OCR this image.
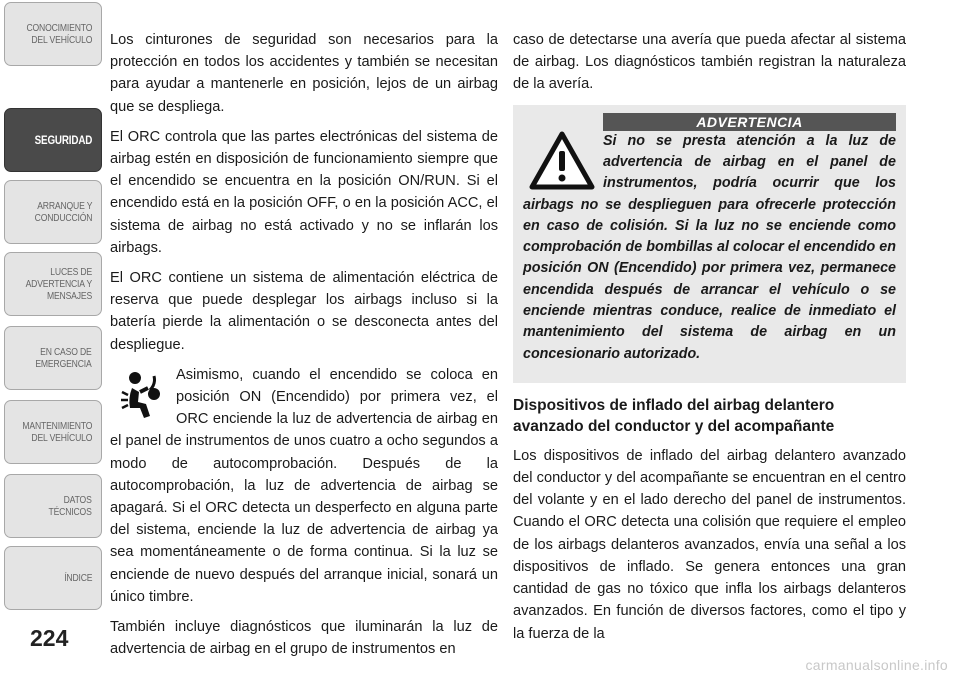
CONOCIMIENTO
DEL VEHÍCULO
SEGURIDAD
ARRANQUE Y
CONDUCCIÓN
LUCES DE
ADVERTENCIA Y
MENSAJES
EN CASO DE
EMERGENCIA
MANTENIMIENTO
DEL VEHÍCULO
DATOS
TÉCNICOS
ÍNDICE
224

Los cinturones de seguridad son necesarios para la protección en todos los accidentes y también se necesitan para ayudar a mantenerle en posición, lejos de un airbag que se despliega.

El ORC controla que las partes electrónicas del sistema de airbag estén en disposición de funcionamiento siempre que el encendido se encuentra en la posición ON/RUN. Si el encendido está en la posición OFF, o en la posición ACC, el sistema de airbag no está activado y no se inflarán los airbags.

El ORC contiene un sistema de alimentación eléctrica de reserva que puede desplegar los airbags incluso si la batería pierde la alimentación o se desconecta antes del despliegue.

Asimismo, cuando el encendido se coloca en posición ON (Encendido) por primera vez, el ORC enciende la luz de advertencia de airbag en el panel de instrumentos de unos cuatro a ocho segundos a modo de autocomprobación. Después de la autocomprobación, la luz de advertencia de airbag se apagará. Si el ORC detecta un desperfecto en alguna parte del sistema, enciende la luz de advertencia de airbag ya sea momentáneamente o de forma continua. Si la luz se enciende de nuevo después del arranque inicial, sonará un único timbre.

También incluye diagnósticos que iluminarán la luz de advertencia de airbag en el grupo de instrumentos en

caso de detectarse una avería que pueda afectar al sistema de airbag. Los diagnósticos también registran la naturaleza de la avería.

ADVERTENCIA

Si no se presta atención a la luz de advertencia de airbag en el panel de instrumentos, podría ocurrir que los airbags no se desplieguen para ofrecerle protección en caso de colisión. Si la luz no se enciende como comprobación de bombillas al colocar el encendido en posición ON (Encendido) por primera vez, permanece encendida después de arrancar el vehículo o se enciende mientras conduce, realice de inmediato el mantenimiento del sistema de airbag en un concesionario autorizado.

Dispositivos de inflado del airbag delantero avanzado del conductor y del acompañante

Los dispositivos de inflado del airbag delantero avanzado del conductor y del acompañante se encuentran en el centro del volante y en el lado derecho del panel de instrumentos. Cuando el ORC detecta una colisión que requiere el empleo de los airbags delanteros avanzados, envía una señal a los dispositivos de inflado. Se genera entonces una gran cantidad de gas no tóxico que infla los airbags delanteros avanzados. En función de diversos factores, como el tipo y la fuerza de la

carmanualsonline.info
